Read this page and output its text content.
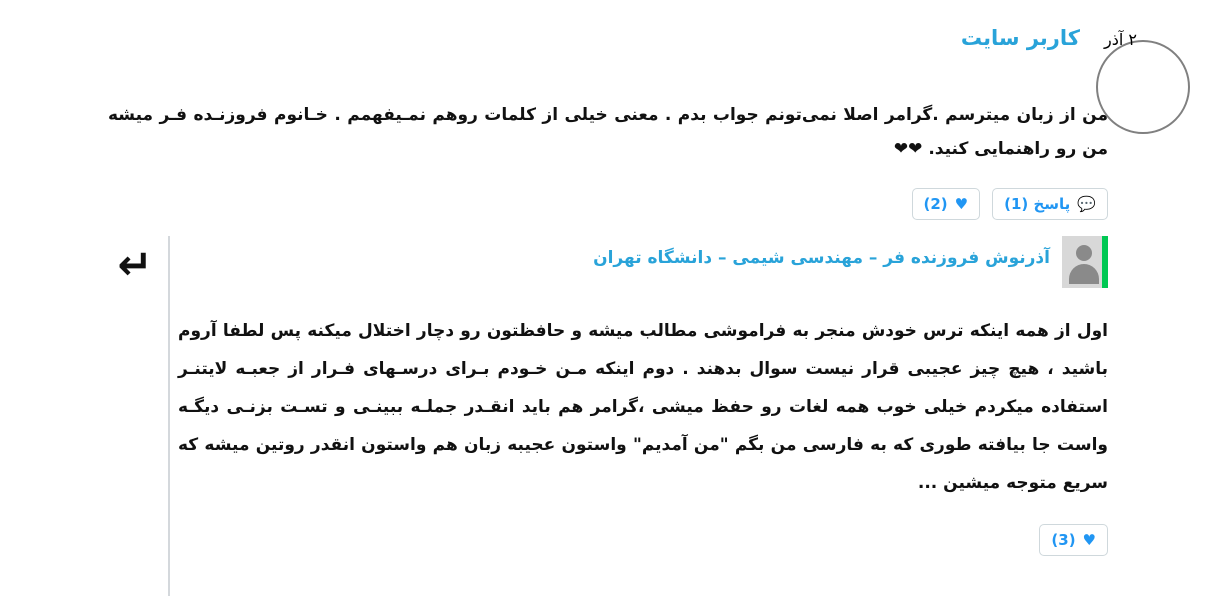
کاربر سایت ۲ آذر
من از زبان میترسم .گرامر اصلا نمی‌تونم جواب بدم . معنی خیلی از کلمات روهم نمـیفهمم . خـانوم فروزنـده فـر میشه من رو راهنمایی کنید. ❤❤
💬
پاسخ (1)
♥
(2)
↵	آذرنوش فروزنده فر – مهندسی شیمی – دانشگاه تهران
اول از همه اینکه ترس خودش منجر به فراموشی مطالب میشه و حافظتون رو دچار اختلال میکنه پس لطفا آروم باشید ، هیچ چیز عجیبی قرار نیست سوال بدهند . دوم اینکه مـن خـودم بـرای درسـهای فـرار از جعبـه لایتنـر استفاده میکردم خیلی خوب همه لغات رو حفظ میشی ،گرامر هم باید انقـدر جملـه ببینـی و تسـت بزنـی دیگـه واست جا بیافته طوری که به فارسی من بگم "من آمدیم" واستون عجیبه زبان هم واستون انقدر روتین میشه که سریع متوجه میشین ...
♥
(3)
